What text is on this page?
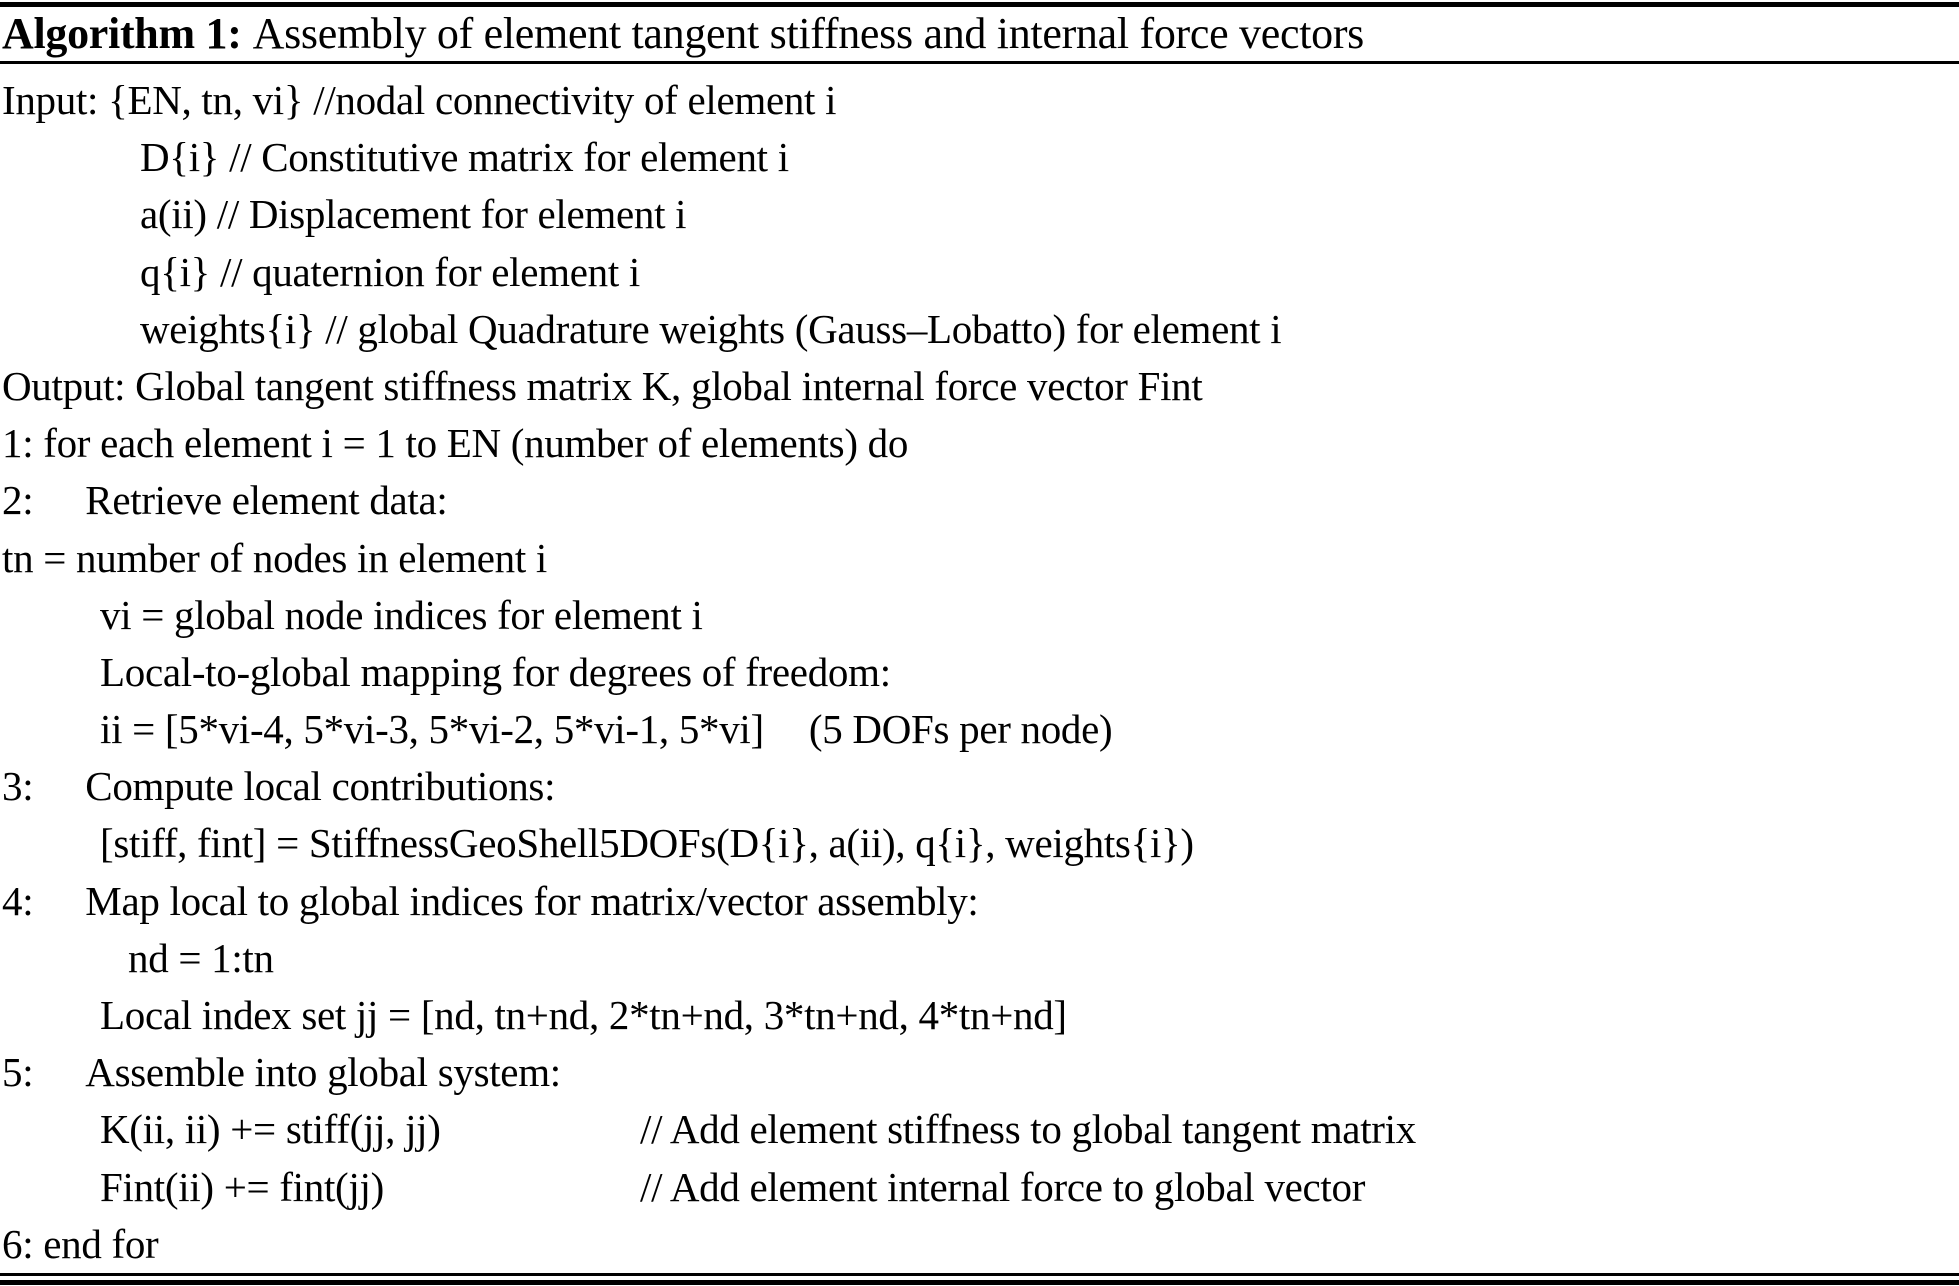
Algorithm 1: Assembly of element tangent stiffness and internal force vectors
Input: {EN, tn, vi} //nodal connectivity of element i
D{i} // Constitutive matrix for element i
a(ii) // Displacement for element i
q{i} // quaternion for element i
weights{i} // global Quadrature weights (Gauss–Lobatto) for element i
Output: Global tangent stiffness matrix K, global internal force vector Fint
1: for each element i = 1 to EN (number of elements) do
2: Retrieve element data:
tn = number of nodes in element i
vi = global node indices for element i
Local-to-global mapping for degrees of freedom:
ii = [5*vi-4, 5*vi-3, 5*vi-2, 5*vi-1, 5*vi] (5 DOFs per node)
3: Compute local contributions:
[stiff, fint] = StiffnessGeoShell5DOFs(D{i}, a(ii), q{i}, weights{i})
4: Map local to global indices for matrix/vector assembly:
nd = 1:tn
Local index set jj = [nd, tn+nd, 2*tn+nd, 3*tn+nd, 4*tn+nd]
5: Assemble into global system:
K(ii, ii) += stiff(jj, jj)	// Add element stiffness to global tangent matrix
Fint(ii) += fint(jj)	// Add element internal force to global vector
6: end for
